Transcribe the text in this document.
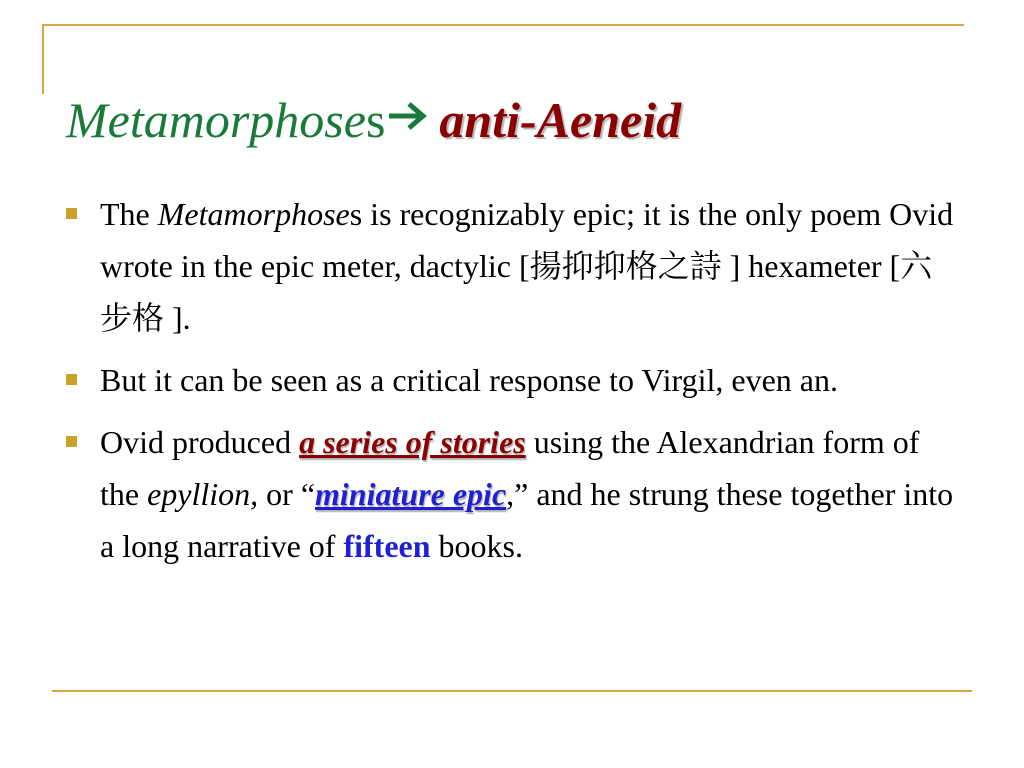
Metamorphoses anti-Aeneid
The Metamorphoses is recognizably epic; it is the only poem Ovid wrote in the epic meter, dactylic [揚抑抑格之詩 ] hexameter [六步格 ].
But it can be seen as a critical response to Virgil, even an.
Ovid produced a series of stories using the Alexandrian form of the epyllion, or “miniature epic,” and he strung these together into a long narrative of fifteen books.
